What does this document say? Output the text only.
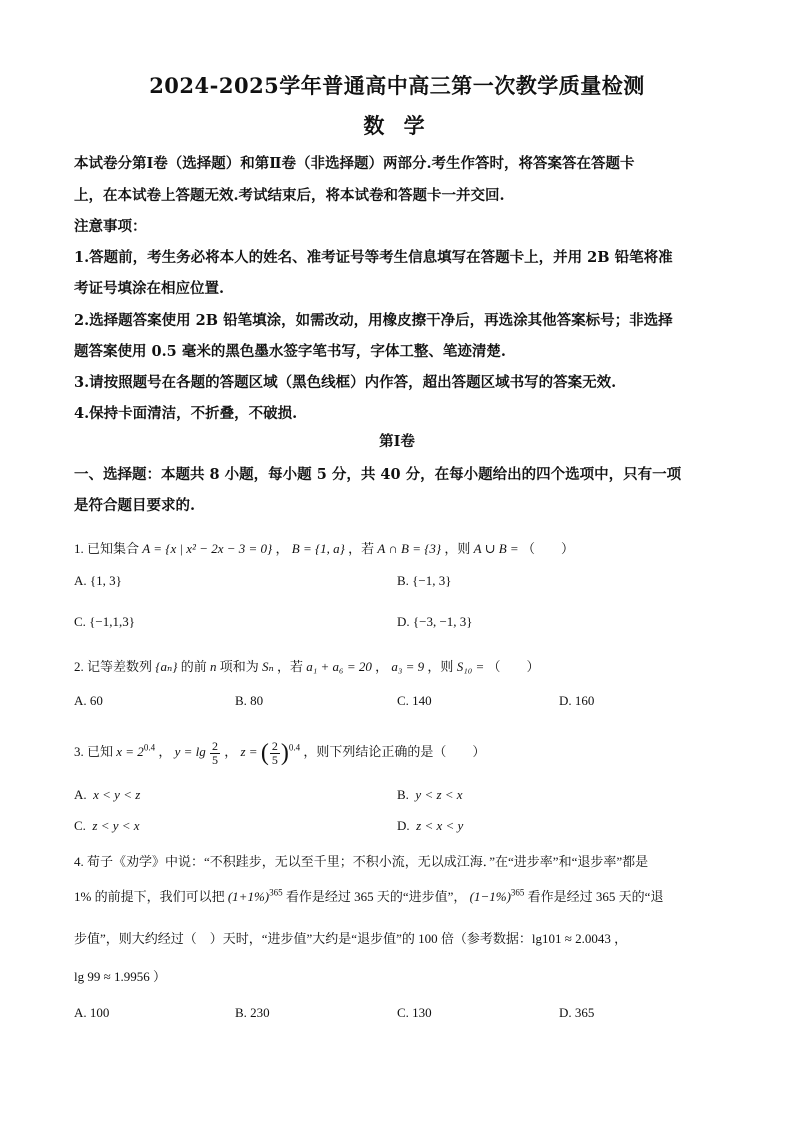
2024-2025学年普通高中高三第一次教学质量检测
数 学
本试卷分第Ⅰ卷（选择题）和第Ⅱ卷（非选择题）两部分.考生作答时，将答案答在答题卡
上，在本试卷上答题无效.考试结束后，将本试卷和答题卡一并交回.
注意事项：
1.答题前，考生务必将本人的姓名、准考证号等考生信息填写在答题卡上，并用 2B 铅笔将准
考证号填涂在相应位置.
2.选择题答案使用 2B 铅笔填涂，如需改动，用橡皮擦干净后，再选涂其他答案标号；非选择
题答案使用 0.5 毫米的黑色墨水签字笔书写，字体工整、笔迹清楚.
3.请按照题号在各题的答题区域（黑色线框）内作答，超出答题区域书写的答案无效.
4.保持卡面清洁，不折叠，不破损.
第Ⅰ卷
一、选择题：本题共 8 小题，每小题 5 分，共 40 分，在每小题给出的四个选项中，只有一项
是符合题目要求的.
1. 已知集合 A = {x | x² − 2x − 3 = 0} ， B = {1, a} ，若 A ∩ B = {3} ，则 A ∪ B = （　　）
A. {1, 3}	B. {−1, 3}
C. {−1,1,3}	D. {−3, −1, 3}
2. 记等差数列 {aₙ} 的前 n 项和为 Sₙ ，若 a₁ + a₆ = 20 ， a₃ = 9 ，则 S₁₀ = （　　）
A. 60	B. 80	C. 140	D. 160
3. 已知 $x = 2^{0.4}$ ， $y = \lg \frac{2}{5}$ ， z = ( $\frac{2}{5} )^{0.4}$ ，则下列结论正确的是（　　）
A. x < y < z	B. y < z < x
C. z < y < x	D. z < x < y
4. 荀子《劝学》中说：“不积跬步，无以至千里；不积小流，无以成江海．”在“进步率”和“退步率”都是
1% 的前提下，我们可以把 $(1+1\%)^{365}$ 看作是经过 365 天的“进步值”， $(1-1\%)^{365}$ 看作是经过 365 天的“退
步值”，则大约经过（　）天时，“进步值”大约是“退步值”的 100 倍（参考数据：lg101 ≈ 2.0043 ，
lg 99 ≈ 1.9956 ）
A. 100	B. 230	C. 130	D. 365
